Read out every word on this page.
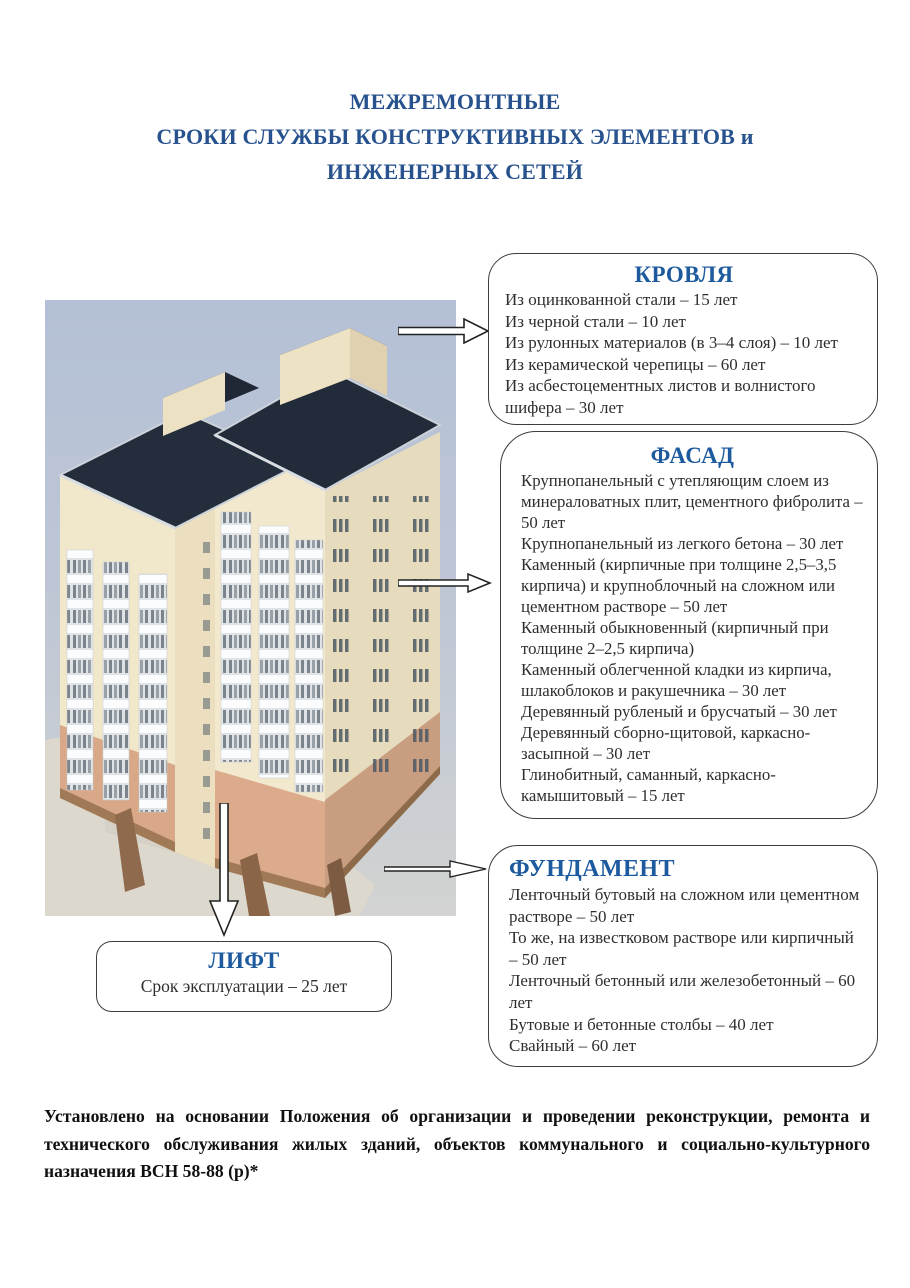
МЕЖРЕМОНТНЫЕ
СРОКИ СЛУЖБЫ КОНСТРУКТИВНЫХ ЭЛЕМЕНТОВ и
ИНЖЕНЕРНЫХ СЕТЕЙ
КРОВЛЯ
Из оцинкованной стали – 15 лет
Из черной стали – 10 лет
Из рулонных материалов (в 3–4 слоя) – 10 лет
Из керамической черепицы – 60 лет
Из асбестоцементных листов и волнистого шифера – 30 лет
ФАСАД
Крупнопанельный с утепляющим слоем из минераловатных плит, цементного фибролита – 50 лет
Крупнопанельный из легкого бетона – 30 лет
Каменный (кирпичные при толщине 2,5–3,5 кирпича) и крупноблочный на сложном или цементном растворе – 50 лет
Каменный обыкновенный (кирпичный при толщине 2–2,5 кирпича)
Каменный облегченной кладки из кирпича, шлакоблоков и ракушечника – 30 лет
Деревянный рубленый и брусчатый – 30 лет
Деревянный сборно-щитовой, каркасно-засыпной – 30 лет
Глинобитный, саманный, каркасно-камышитовый – 15 лет
ФУНДАМЕНТ
Ленточный бутовый на сложном или цементном растворе – 50 лет
То же, на известковом растворе или кирпичный – 50 лет
Ленточный бетонный или железобетонный – 60 лет
Бутовые и бетонные столбы – 40 лет
Свайный – 60 лет
ЛИФТ
Срок эксплуатации – 25 лет
Установлено на основании Положения об организации и проведении реконструкции, ремонта и технического обслуживания жилых зданий, объектов коммунального и социально-культурного назначения ВСН 58-88 (р)*
